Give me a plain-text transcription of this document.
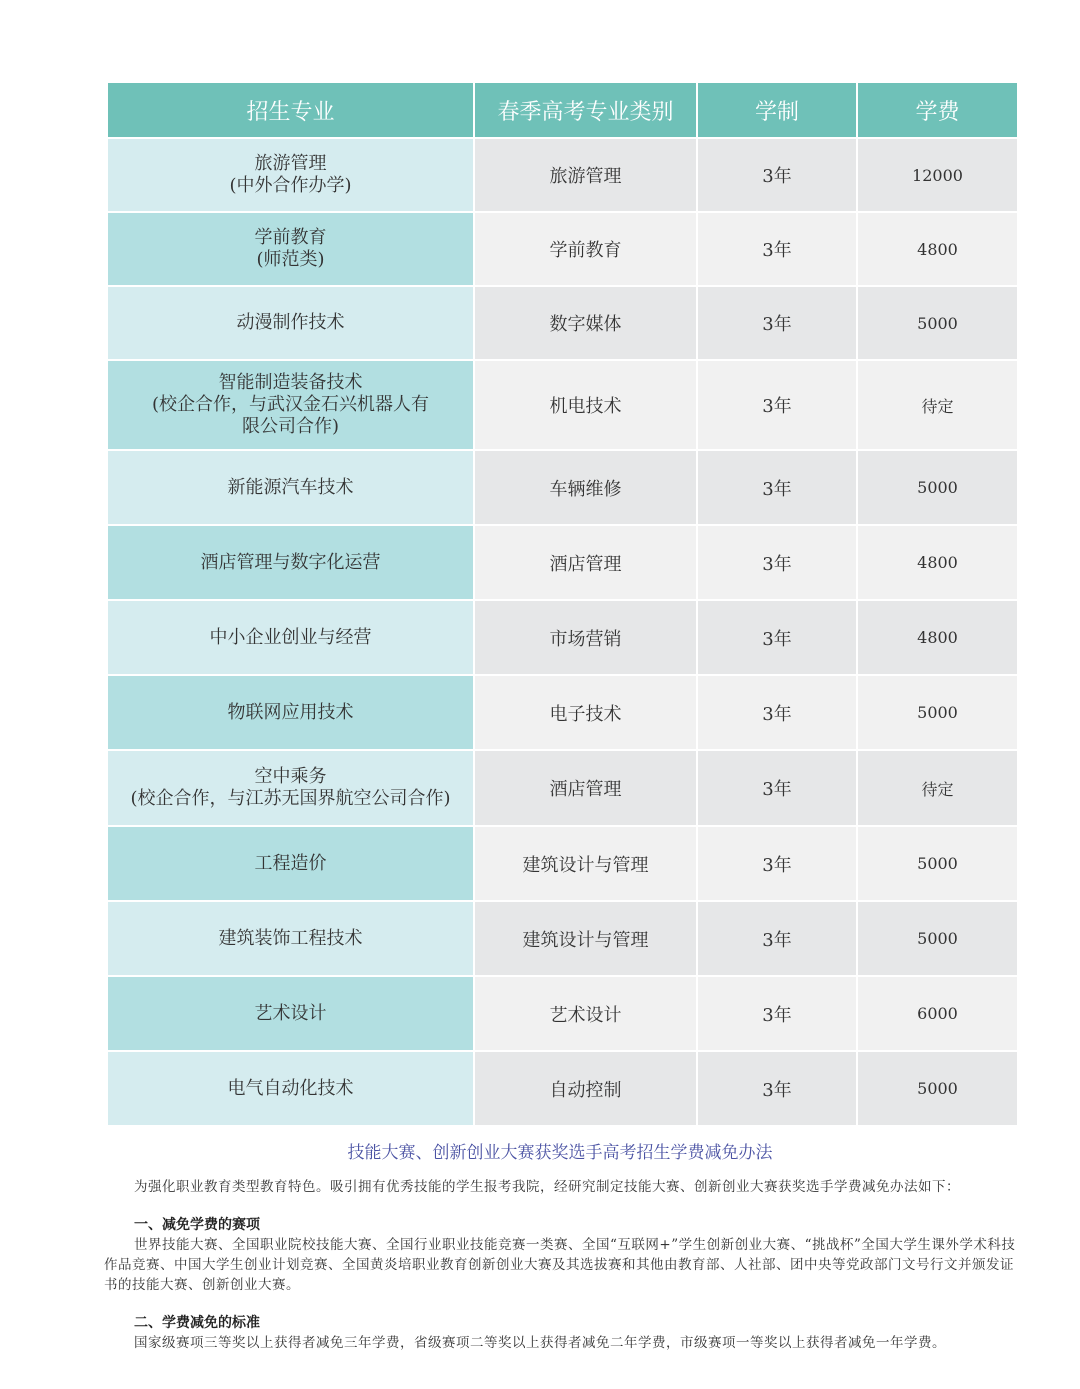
招生专业	春季高考专业类别	学制	学费

旅游管理
(中外合作办学)	旅游管理	3年	12000

学前教育
(师范类)	学前教育	3年	4800

动漫制作技术	数字媒体	3年	5000

智能制造装备技术
(校企合作，与武汉金石兴机器人有限公司合作)	机电技术	3年	待定

新能源汽车技术	车辆维修	3年	5000

酒店管理与数字化运营	酒店管理	3年	4800

中小企业创业与经营	市场营销	3年	4800

物联网应用技术	电子技术	3年	5000

空中乘务
(校企合作，与江苏无国界航空公司合作)	酒店管理	3年	待定

工程造价	建筑设计与管理	3年	5000

建筑装饰工程技术	建筑设计与管理	3年	5000

艺术设计	艺术设计	3年	6000

电气自动化技术	自动控制	3年	5000
技能大赛、创新创业大赛获奖选手高考招生学费减免办法

为强化职业教育类型教育特色。吸引拥有优秀技能的学生报考我院，经研究制定技能大赛、创新创业大赛获奖选手学费减免办法如下：

一、减免学费的赛项

世界技能大赛、全国职业院校技能大赛、全国行业职业技能竞赛一类赛、全国“互联网+”学生创新创业大赛、“挑战杯”全国大学生课外学术科技作品竞赛、中国大学生创业计划竞赛、全国黄炎培职业教育创新创业大赛及其选拔赛和其他由教育部、人社部、团中央等党政部门文号行文并颁发证书的技能大赛、创新创业大赛。

二、学费减免的标准

国家级赛项三等奖以上获得者减免三年学费，省级赛项二等奖以上获得者减免二年学费，市级赛项一等奖以上获得者减免一年学费。
